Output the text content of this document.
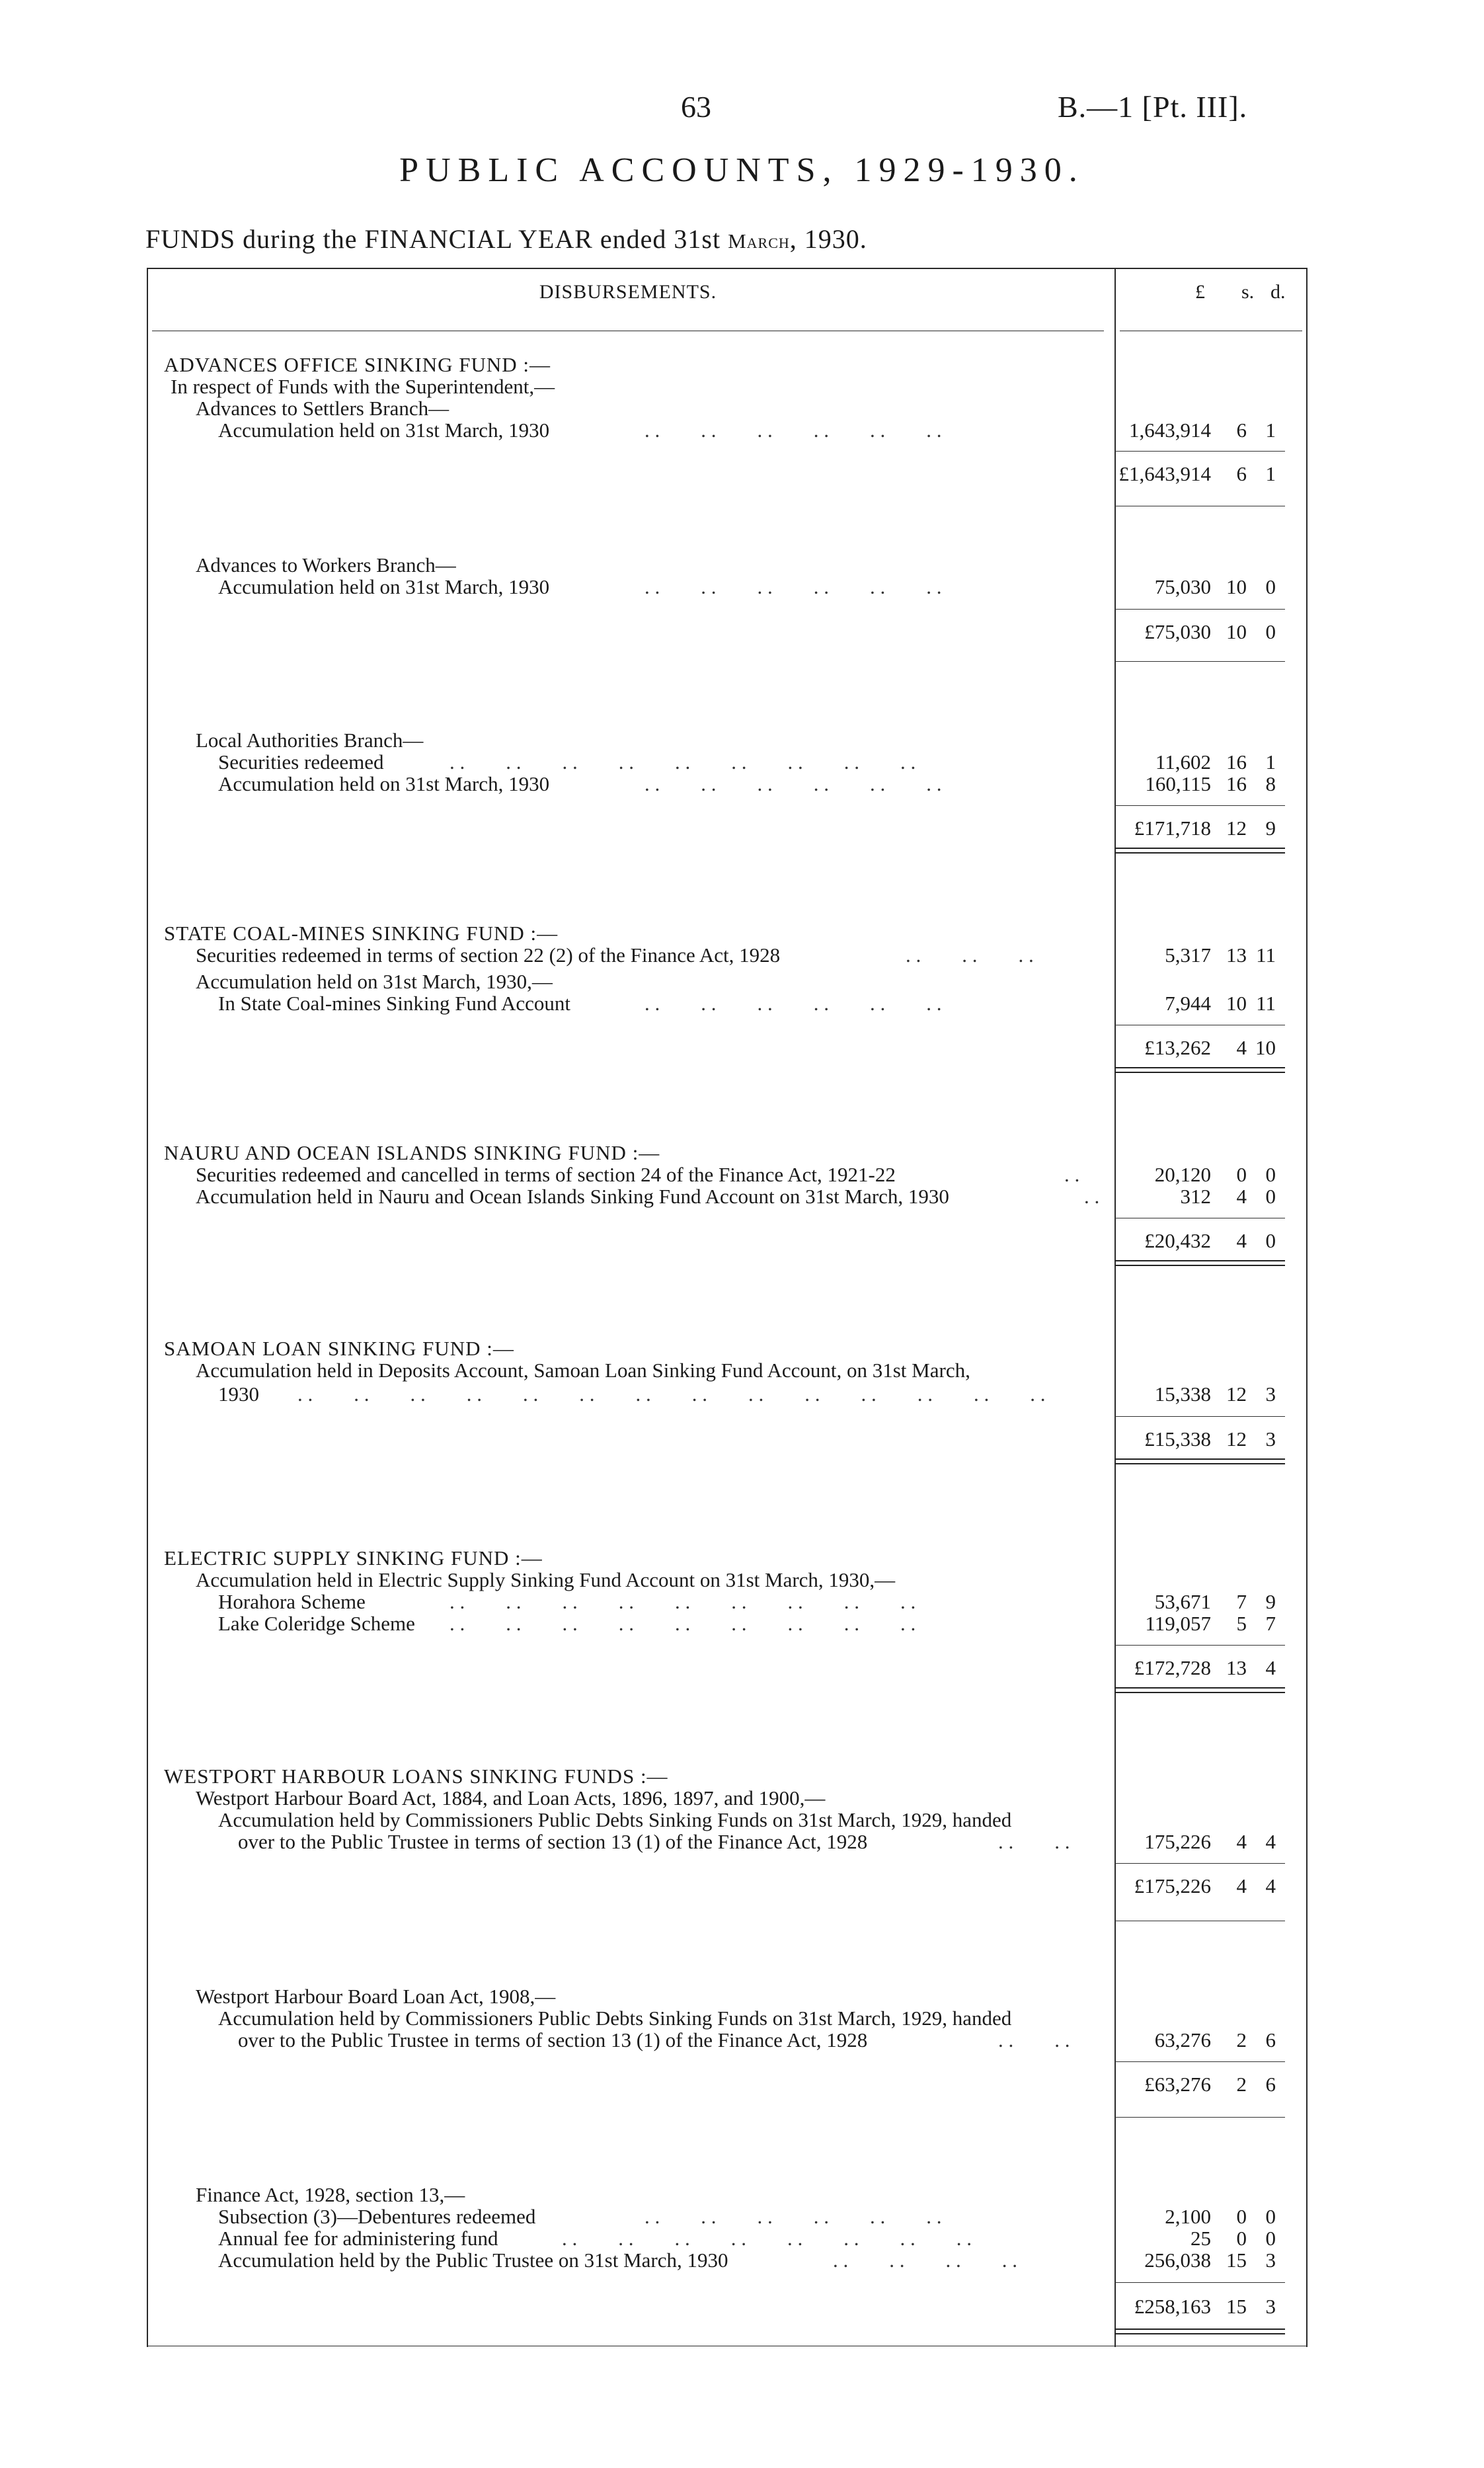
63	B.—1 [Pt. III].
PUBLIC ACCOUNTS, 1929-1930.
FUNDS during the FINANCIAL YEAR ended 31st March, 1930.
DISBURSEMENTS.	£ s. d.
ADVANCES OFFICE SINKING FUND :—
In respect of Funds with the Superintendent,—
Advances to Settlers Branch—
Accumulation held on 31st March, 1930	. .        . .        . .        . .        . .        . .	1,643,914	6 1
£1,643,914	6 1
Advances to Workers Branch—
Accumulation held on 31st March, 1930	. .        . .        . .        . .        . .        . .	75,030 10 0
£75,030 10 0
Local Authorities Branch—
Securities redeemed	. .        . .        . .        . .        . .        . .        . .        . .        . .	11,602 16 1
Accumulation held on 31st March, 1930	. .        . .        . .        . .        . .        . .	160,115 16 8
£171,718 12 9
STATE COAL-MINES SINKING FUND :—
Securities redeemed in terms of section 22 (2) of the Finance Act, 1928	. .        . .        . .	5,317 13 11
Accumulation held on 31st March, 1930,—
In State Coal-mines Sinking Fund Account	. .        . .        . .        . .        . .        . .	7,944 10 11
£13,262	4 10
NAURU AND OCEAN ISLANDS SINKING FUND :—
Securities redeemed and cancelled in terms of section 24 of the Finance Act, 1921-22	. .	20,120	0 0
Accumulation held in Nauru and Ocean Islands Sinking Fund Account on 31st March, 1930	. .	312	4 0
£20,432	4 0
SAMOAN LOAN SINKING FUND :—
Accumulation held in Deposits Account, Samoan Loan Sinking Fund Account, on 31st March,
1930 . .        . .        . .        . .        . .        . .        . .        . .        . .        . .        . .        . .        . .        . .	15,338 12 3
£15,338 12 3
ELECTRIC SUPPLY SINKING FUND :—
Accumulation held in Electric Supply Sinking Fund Account on 31st March, 1930,—
Horahora Scheme	. .        . .        . .        . .        . .        . .        . .        . .        . .	53,671	7 9
Lake Coleridge Scheme . .        . .        . .        . .        . .        . .        . .        . .        . .	119,057	5 7
£172,728 13 4
WESTPORT HARBOUR LOANS SINKING FUNDS :—
Westport Harbour Board Act, 1884, and Loan Acts, 1896, 1897, and 1900,—
Accumulation held by Commissioners Public Debts Sinking Funds on 31st March, 1929, handed
over to the Public Trustee in terms of section 13 (1) of the Finance Act, 1928	. .        . .	175,226	4 4
£175,226	4 4
Westport Harbour Board Loan Act, 1908,—
Accumulation held by Commissioners Public Debts Sinking Funds on 31st March, 1929, handed
over to the Public Trustee in terms of section 13 (1) of the Finance Act, 1928	. .        . .	63,276	2 6
£63,276	2 6
Finance Act, 1928, section 13,—
Subsection (3)—Debentures redeemed	. .        . .        . .        . .        . .        . .	2,100	0 0
Annual fee for administering fund	. .        . .        . .        . .        . .        . .        . .        . .	25	0 0
Accumulation held by the Public Trustee on 31st March, 1930	. .        . .        . .        . .	256,038 15 3
£258,163 15 3
